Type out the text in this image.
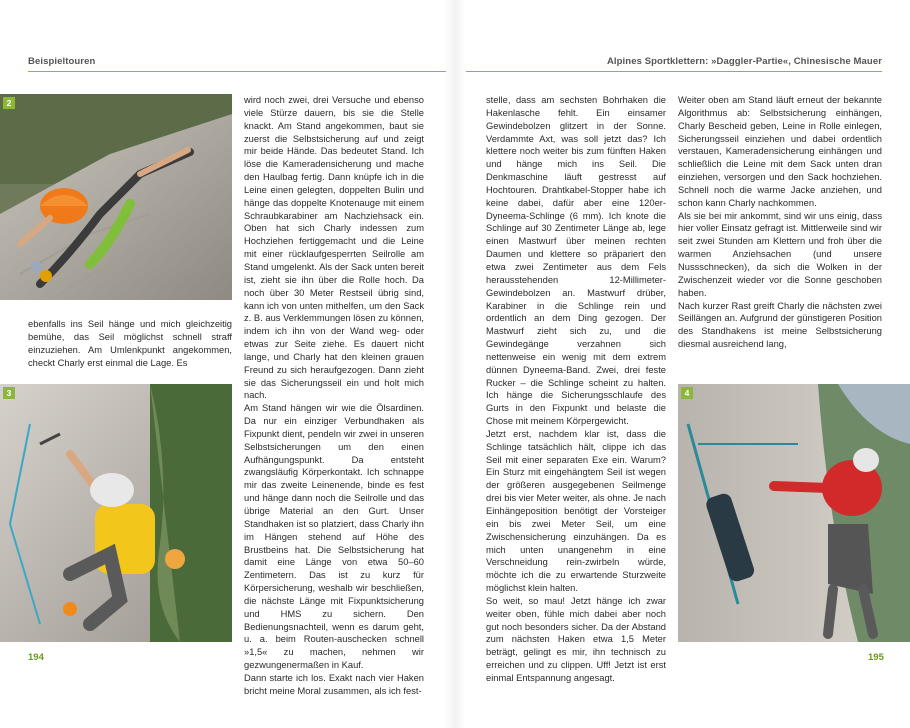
Beispieltouren	Alpines Sportklettern: »Daggler-Partie«, Chinesische Mauer
2

ebenfalls ins Seil hänge und mich gleichzeitig bemühe, das Seil möglichst schnell straff einzuziehen. Am Umlenkpunkt angekommen, checkt Charly erst einmal die Lage. Es

3

wird noch zwei, drei Versuche und ebenso viele Stürze dauern, bis sie die Stelle knackt. Am Stand angekommen, baut sie zuerst die Selbstsicherung auf und zeigt mir beide Hände. Das bedeutet Stand. Ich löse die Kameradensicherung und mache den Haulbag fertig. Dann knüpfe ich in die Leine einen gelegten, doppelten Bulin und hänge das doppelte Knotenauge mit einem Schraubkarabiner am Nachziehsack ein. Oben hat sich Charly indessen zum Hochziehen fertiggemacht und die Leine mit einer rücklaufgesperrten Seilrolle am Stand umgelenkt. Als der Sack unten bereit ist, zieht sie ihn über die Rolle hoch. Da noch über 30 Meter Restseil übrig sind, kann ich von unten mithelfen, um den Sack z. B. aus Verklemmungen lösen zu können, indem ich ihn von der Wand weg- oder etwas zur Seite ziehe. Es dauert nicht lange, und Charly hat den kleinen grauen Freund zu sich heraufgezogen. Dann zieht sie das Sicherungsseil ein und holt mich nach.
Am Stand hängen wir wie die Ölsardinen. Da nur ein einziger Verbundhaken als Fixpunkt dient, pendeln wir zwei in unseren Selbstsicherungen um den einen Aufhängungspunkt. Da entsteht zwangsläufig Körperkontakt. Ich schnappe mir das zweite Leinenende, binde es fest und hänge dann noch die Seilrolle und das übrige Material an den Gurt. Unser Standhaken ist so platziert, dass Charly ihn im Hängen stehend auf Höhe des Brustbeins hat. Die Selbstsicherung hat damit eine Länge von etwa 50–60 Zentimetern. Das ist zu kurz für Körpersicherung, weshalb wir beschließen, die nächste Länge mit Fixpunktsicherung und HMS zu sichern. Den Bedienungsnachteil, wenn es darum geht, u. a. beim Routen-auschecken schnell »1,5« zu machen, nehmen wir gezwungenermaßen in Kauf.
Dann starte ich los. Exakt nach vier Haken bricht meine Moral zusammen, als ich fest-

stelle, dass am sechsten Bohrhaken die Hakenlasche fehlt. Ein einsamer Gewindebolzen glitzert in der Sonne. Verdammte Axt, was soll jetzt das? Ich klettere noch weiter bis zum fünften Haken und hänge mich ins Seil. Die Denkmaschine läuft gestresst auf Hochtouren. Drahtkabel-Stopper habe ich keine dabei, dafür aber eine 120er-Dyneema-Schlinge (6 mm). Ich knote die Schlinge auf 30 Zentimeter Länge ab, lege einen Mastwurf über meinen rechten Daumen und klettere so präpariert den etwa zwei Zentimeter aus dem Fels herausstehenden 12-Millimeter-Gewindebolzen an. Mastwurf drüber, Karabiner in die Schlinge rein und ordentlich an dem Ding gezogen. Der Mastwurf zieht sich zu, und die Gewindegänge verzahnen sich nettenweise ein wenig mit dem extrem dünnen Dyneema-Band. Zwei, drei feste Rucker – die Schlinge scheint zu halten. Ich hänge die Sicherungsschlaufe des Gurts in den Fixpunkt und belaste die Chose mit meinem Körpergewicht.
Jetzt erst, nachdem klar ist, dass die Schlinge tatsächlich hält, clippe ich das Seil mit einer separaten Exe ein. Warum? Ein Sturz mit eingehängtem Seil ist wegen der größeren ausgegebenen Seilmenge drei bis vier Meter weiter, als ohne. Je nach Einhängeposition benötigt der Vorsteiger ein bis zwei Meter Seil, um eine Zwischensicherung einzuhängen. Da es mich unten unangenehm in eine Verschneidung rein-zwirbeln würde, möchte ich die zu erwartende Sturzweite möglichst klein halten.
So weit, so mau! Jetzt hänge ich zwar weiter oben, fühle mich dabei aber noch gut noch besonders sicher. Da der Abstand zum nächsten Haken etwa 1,5 Meter beträgt, gelingt es mir, ihn technisch zu erreichen und zu clippen. Uff! Jetzt ist erst einmal Entspannung angesagt.

Weiter oben am Stand läuft erneut der bekannte Algorithmus ab: Selbstsicherung einhängen, Charly Bescheid geben, Leine in Rolle einlegen, Sicherungsseil einziehen und dabei ordentlich verstauen, Kameradensicherung einhängen und schließlich die Leine mit dem Sack unten dran einziehen, versorgen und den Sack hochziehen. Schnell noch die warme Jacke anziehen, und schon kann Charly nachkommen.
Als sie bei mir ankommt, sind wir uns einig, dass hier voller Einsatz gefragt ist. Mittlerweile sind wir seit zwei Stunden am Klettern und froh über die warmen Anziehsachen (und unsere Nussschnecken), da sich die Wolken in der Zwischenzeit wieder vor die Sonne geschoben haben.
Nach kurzer Rast greift Charly die nächsten zwei Seillängen an. Aufgrund der günstigeren Position des Standhakens ist meine Selbstsicherung diesmal ausreichend lang,

4
194	195
